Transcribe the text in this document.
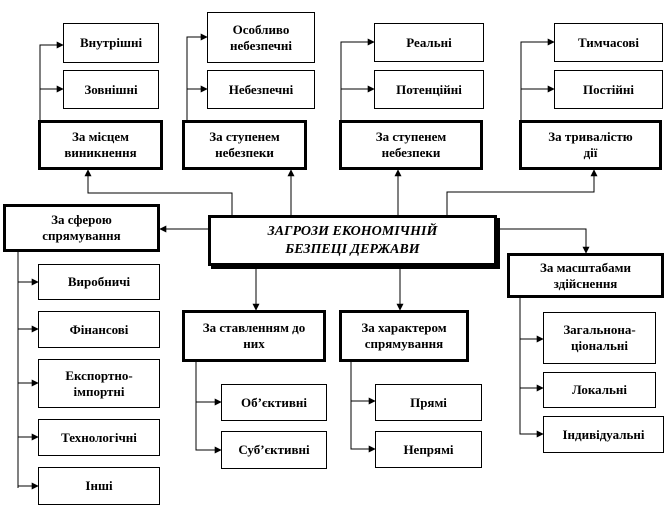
ЗАГРОЗИ ЕКОНОМІЧНІЙ
БЕЗПЕЦІ ДЕРЖАВИ
За місцем
виникнення
За ступенем
небезпеки
За ступенем
небезпеки
За тривалістю
дії
Внутрішні
Зовнішні
Особливо
небезпечні
Небезпечні
Реальні
Потенційні
Тимчасові
Постійні
За сферою
спрямування
Виробничі
Фінансові
Експортно-
імпортні
Технологічні
Інші
За ставленням до
них
Об’єктивні
Суб’єктивні
За характером
спрямування
Прямі
Непрямі
За масштабами
здійснення
Загальнона-
ціональні
Локальні
Індивідуальні
